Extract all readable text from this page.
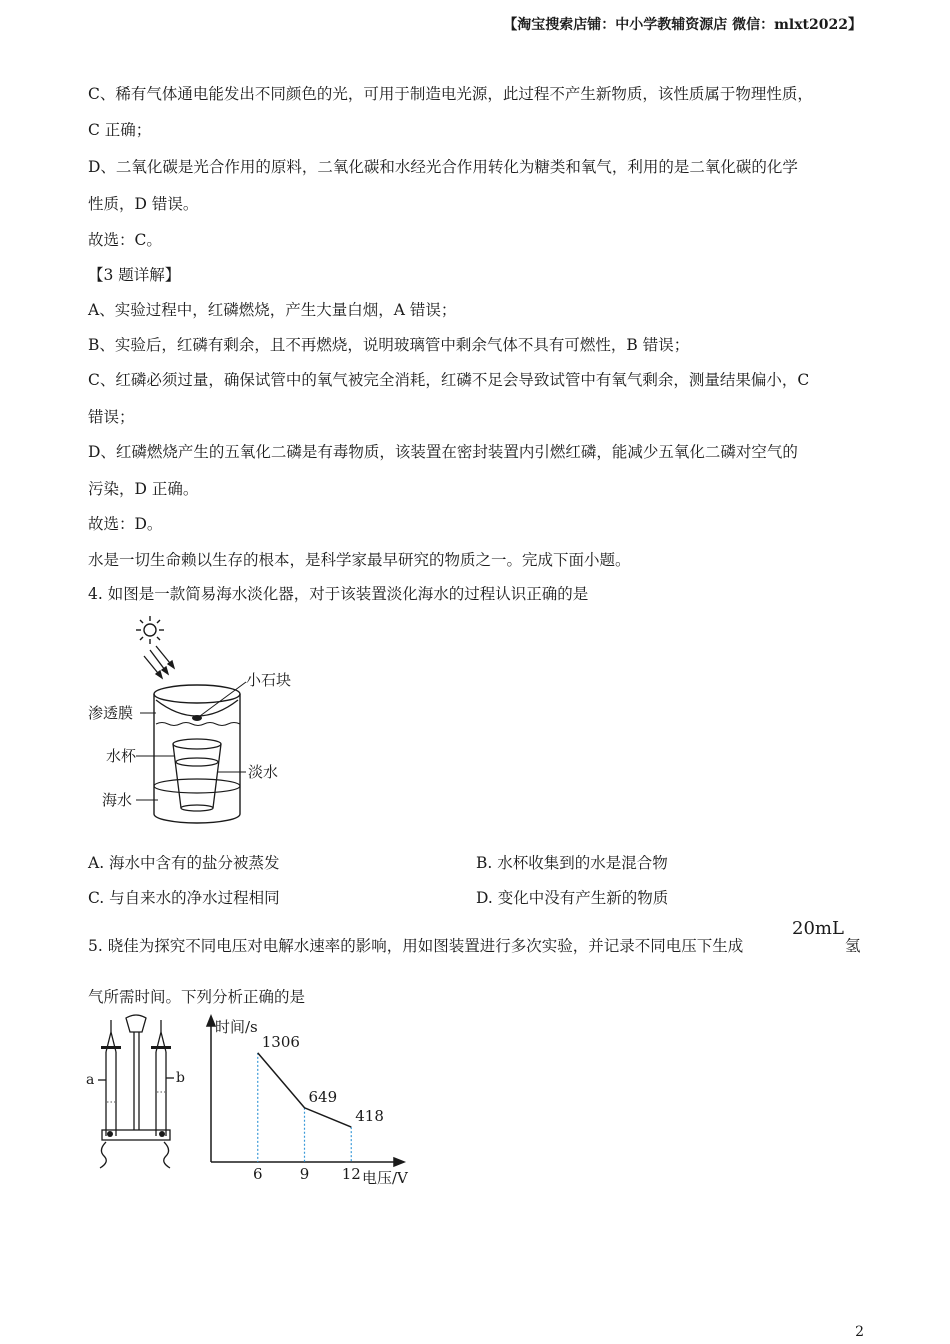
【淘宝搜索店铺：中小学教辅资源店 微信：mlxt2022】
C、稀有气体通电能发出不同颜色的光，可用于制造电光源，此过程不产生新物质，该性质属于物理性质，
C 正确；
D、二氧化碳是光合作用的原料，二氧化碳和水经光合作用转化为糖类和氧气，利用的是二氧化碳的化学
性质，D 错误。
故选：C。
【3 题详解】
A、实验过程中，红磷燃烧，产生大量白烟，A 错误；
B、实验后，红磷有剩余，且不再燃烧，说明玻璃管中剩余气体不具有可燃性，B 错误；
C、红磷必须过量，确保试管中的氧气被完全消耗，红磷不足会导致试管中有氧气剩余，测量结果偏小，C
错误；
D、红磷燃烧产生的五氧化二磷是有毒物质，该装置在密封装置内引燃红磷，能减少五氧化二磷对空气的
污染，D 正确。
故选：D。
水是一切生命赖以生存的根本，是科学家最早研究的物质之一。完成下面小题。
4. 如图是一款简易海水淡化器，对于该装置淡化海水的过程认识正确的是
小石块
渗透膜
水杯
淡水
海水
A. 海水中含有的盐分被蒸发	B. 水杯收集到的水是混合物
C. 与自来水的净水过程相同	D. 变化中没有产生新的物质
5. 晓佳为探究不同电压对电解水速率的影响，用如图装置进行多次实验，并记录不同电压下生成
20mL
氢
气所需时间。下列分析正确的是
a	b
时间/s
电压/V
6
1306
9
649
12
418
2
